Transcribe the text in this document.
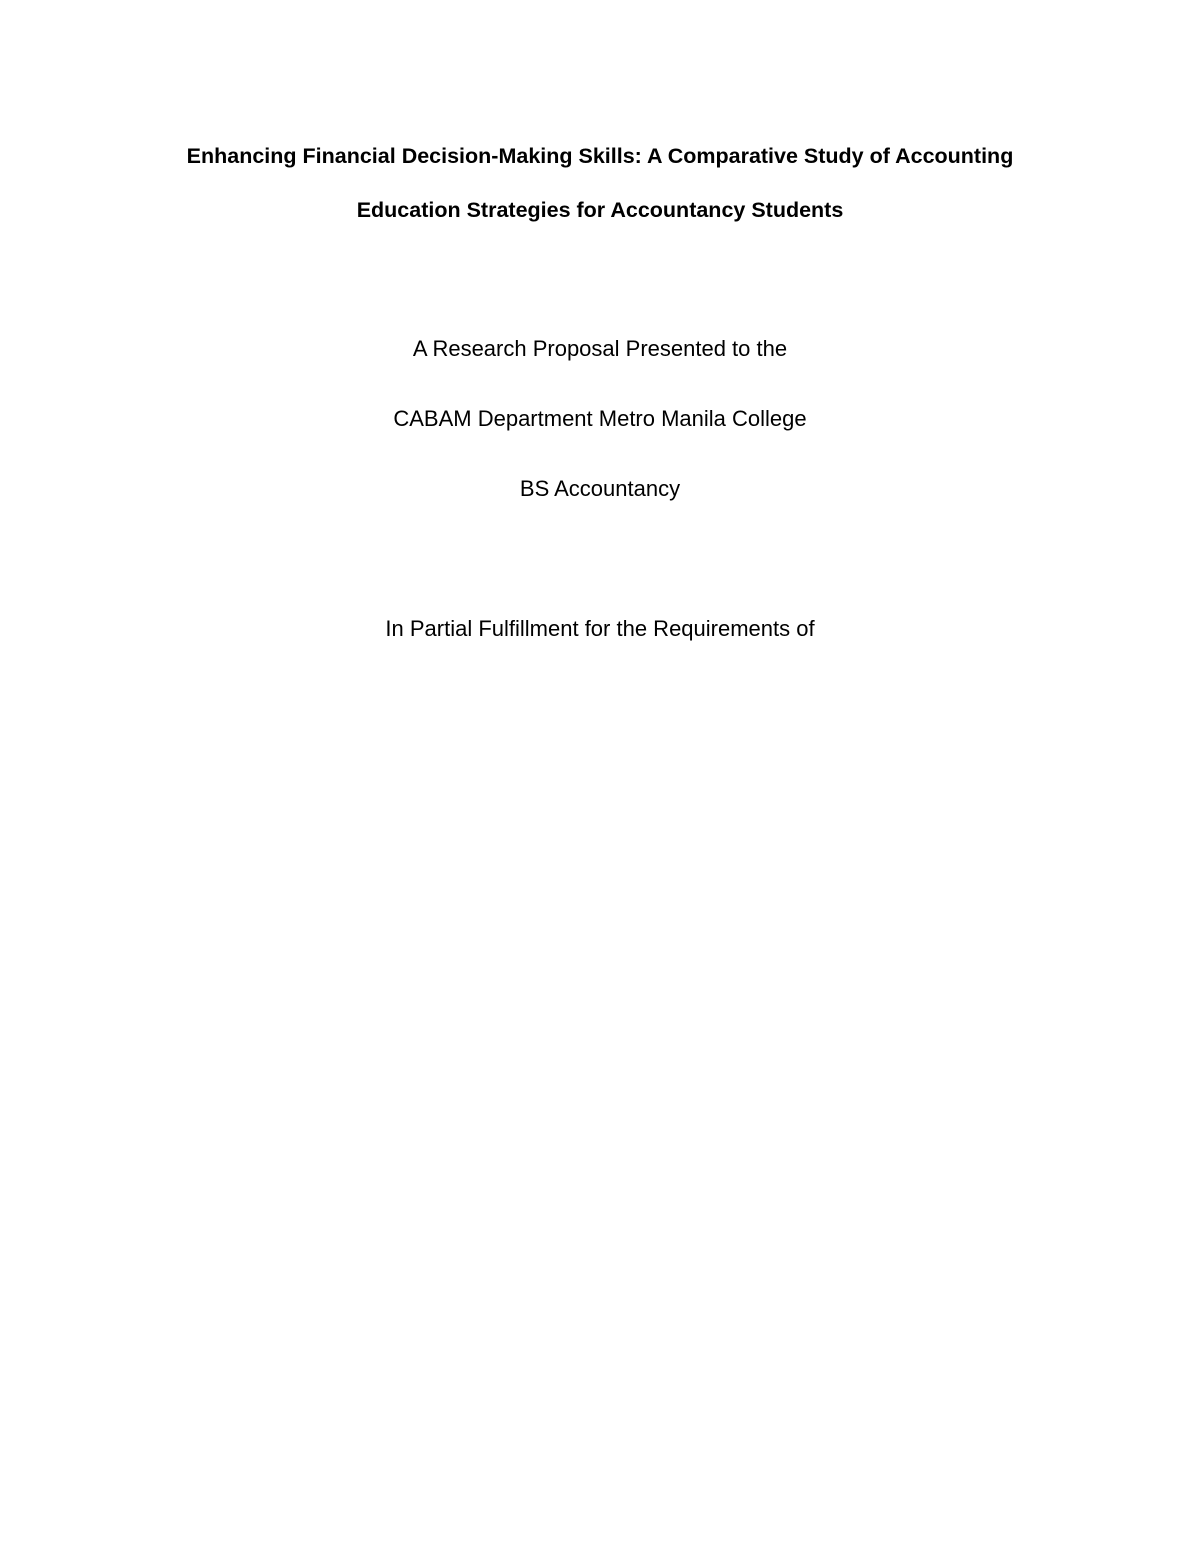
Enhancing Financial Decision-Making Skills: A Comparative Study of Accounting
Education Strategies for Accountancy Students
A Research Proposal Presented to the
CABAM Department Metro Manila College
BS Accountancy
In Partial Fulfillment for the Requirements of
